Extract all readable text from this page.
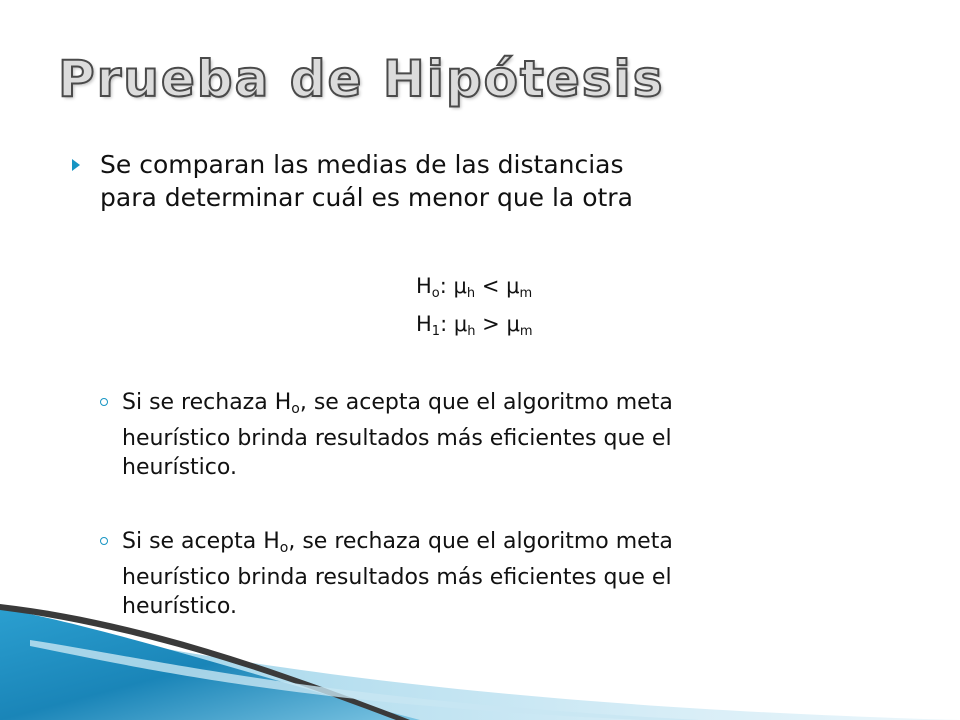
Prueba de Hipótesis
Se comparan las medias de las distancias
para determinar cuál es menor que la otra
$H_o$: $\mu_h < \mu_m$
$H_1$: $\mu_h > \mu_m$
Si se rechaza $H_o$, se acepta que el algoritmo meta
heurístico brinda resultados más eficientes que el
heurístico.
Si se acepta $H_o$, se rechaza que el algoritmo meta
heurístico brinda resultados más eficientes que el
heurístico.
